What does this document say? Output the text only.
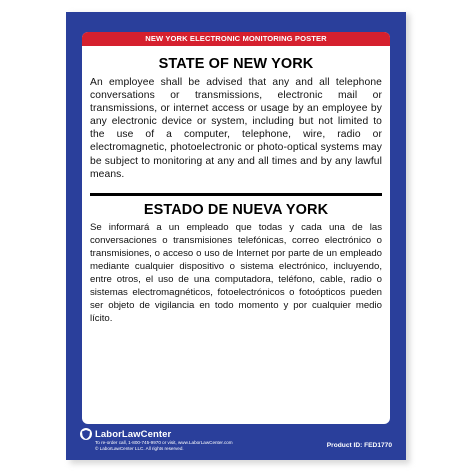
NEW YORK ELECTRONIC MONITORING POSTER
STATE OF NEW YORK

An employee shall be advised that any and all telephone conversations or transmissions, electronic mail or transmissions, or internet access or usage by an employee by any electronic device or system, including but not limited to the use of a computer, telephone, wire, radio or electromagnetic, photoelectronic or photo-optical systems may be subject to monitoring at any and all times and by any lawful means.

ESTADO DE NUEVA YORK

Se informará a un empleado que todas y cada una de las conversaciones o transmisiones telefónicas, correo electrónico o transmisiones, o acceso o uso de Internet por parte de un empleado mediante cualquier dispositivo o sistema electrónico, incluyendo, entre otros, el uso de una computadora, teléfono, cable, radio o sistemas electromagnéticos, fotoelectrónicos o fotoópticos pueden ser objeto de vigilancia en todo momento y por cualquier medio lícito.

LaborLawCenter
To re-order call, 1-800-745-9970 or visit, www.LaborLawCenter.com
© LaborLawCenter LLC. All rights reserved.	Product ID: FED1770
